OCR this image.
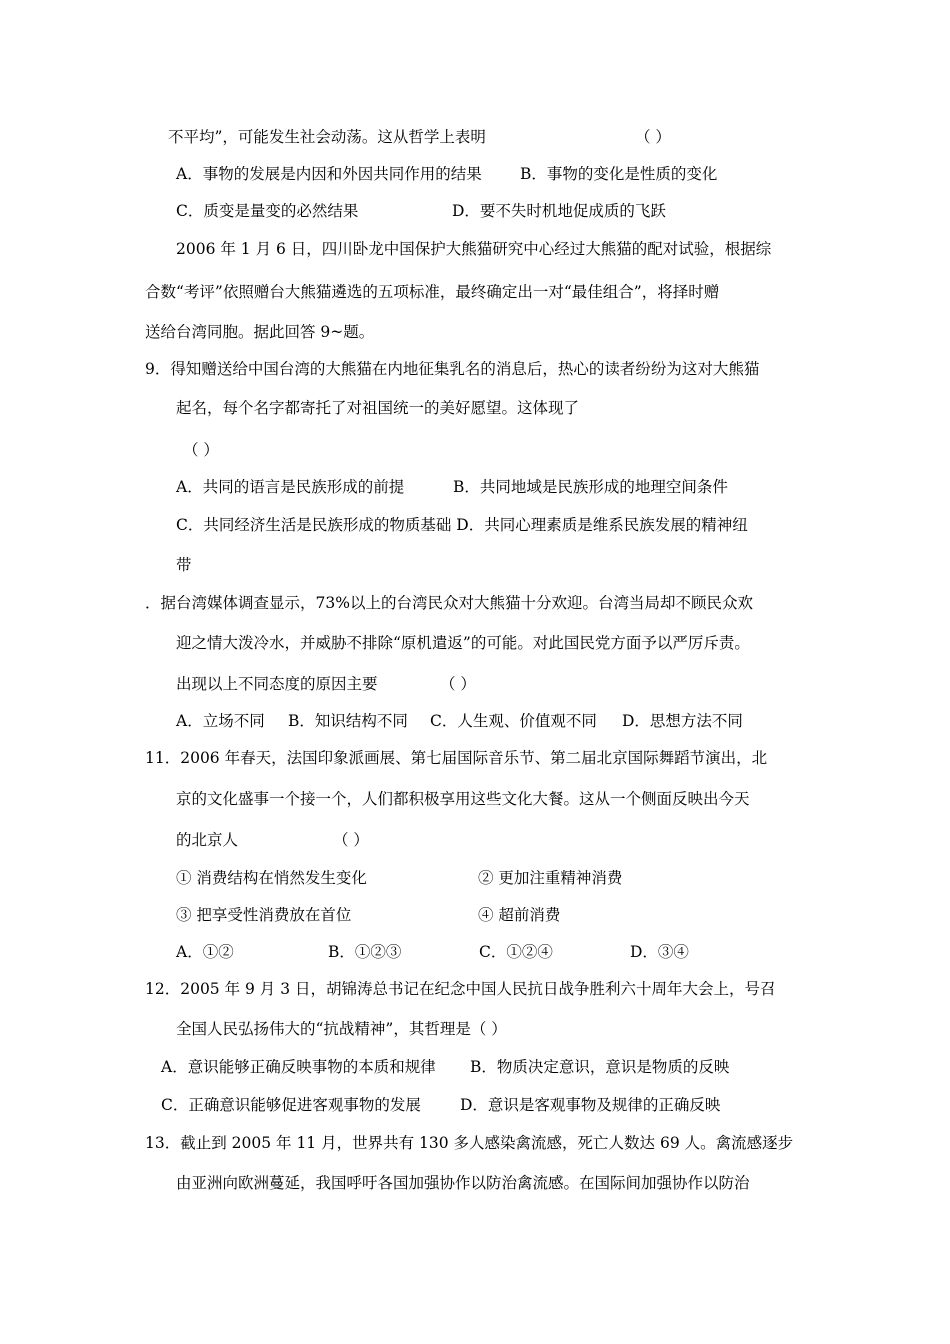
不平均”，可能发生社会动荡。这从哲学上表明	（ ）
A．事物的发展是内因和外因共同作用的结果 B．事物的变化是性质的变化
C．质变是量变的必然结果	D．要不失时机地促成质的飞跃
2006 年 1 月 6 日，四川卧龙中国保护大熊猫研究中心经过大熊猫的配对试验，根据综
合数“考评”依照赠台大熊猫遴选的五项标准，最终确定出一对“最佳组合”，将择时赠
送给台湾同胞。据此回答 9~题。
9．得知赠送给中国台湾的大熊猫在内地征集乳名的消息后，热心的读者纷纷为这对大熊猫
起名，每个名字都寄托了对祖国统一的美好愿望。这体现了
（ ）
A．共同的语言是民族形成的前提	B．共同地域是民族形成的地理空间条件
C．共同经济生活是民族形成的物质基础 D．共同心理素质是维系民族发展的精神纽
带
．据台湾媒体调查显示，73%以上的台湾民众对大熊猫十分欢迎。台湾当局却不顾民众欢
迎之情大泼冷水，并威胁不排除“原机遣返”的可能。对此国民党方面予以严厉斥责。
出现以上不同态度的原因主要	（ ）
A．立场不同 B．知识结构不同 C．人生观、价值观不同 D．思想方法不同
11．2006 年春天，法国印象派画展、第七届国际音乐节、第二届北京国际舞蹈节演出，北
京的文化盛事一个接一个，人们都积极享用这些文化大餐。这从一个侧面反映出今天
的北京人	（ ）
① 消费结构在悄然发生变化	② 更加注重精神消费
③ 把享受性消费放在首位	④ 超前消费
A．①②	B．①②③	C．①②④	D．③④
12．2005 年 9 月 3 日，胡锦涛总书记在纪念中国人民抗日战争胜利六十周年大会上，号召
全国人民弘扬伟大的“抗战精神”，其哲理是（ ）
A．意识能够正确反映事物的本质和规律 B．物质决定意识，意识是物质的反映
C．正确意识能够促进客观事物的发展	D．意识是客观事物及规律的正确反映
13．截止到 2005 年 11 月，世界共有 130 多人感染禽流感，死亡人数达 69 人。禽流感逐步
由亚洲向欧洲蔓延，我国呼吁各国加强协作以防治禽流感。在国际间加强协作以防治
